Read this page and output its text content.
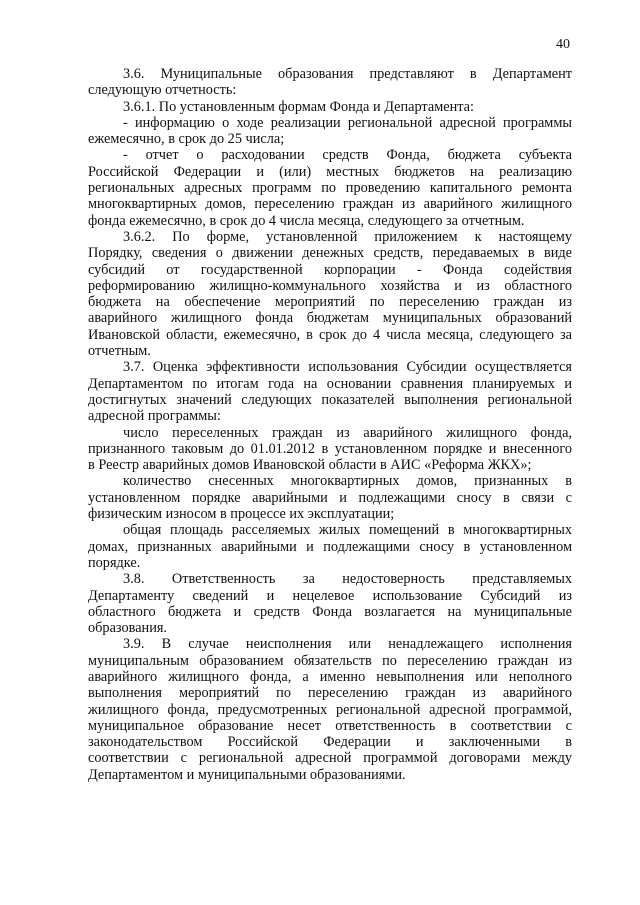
40
3.6. Муниципальные образования представляют в Департамент
следующую отчетность:
3.6.1. По установленным формам Фонда и Департамента:
- информацию о ходе реализации региональной адресной программы
ежемесячно, в срок до 25 числа;
- отчет о расходовании средств Фонда, бюджета субъекта
Российской Федерации и (или) местных бюджетов на реализацию
региональных адресных программ по проведению капитального ремонта
многоквартирных домов, переселению граждан из аварийного жилищного
фонда ежемесячно, в срок до 4 числа месяца, следующего за отчетным.
3.6.2. По форме, установленной приложением к настоящему
Порядку, сведения о движении денежных средств, передаваемых в виде
субсидий от государственной корпорации - Фонда содействия
реформированию жилищно-коммунального хозяйства и из областного
бюджета на обеспечение мероприятий по переселению граждан из
аварийного жилищного фонда бюджетам муниципальных образований
Ивановской области, ежемесячно, в срок до 4 числа месяца, следующего за
отчетным.
3.7. Оценка эффективности использования Субсидии осуществляется
Департаментом по итогам года на основании сравнения планируемых и
достигнутых значений следующих показателей выполнения региональной
адресной программы:
число переселенных граждан из аварийного жилищного фонда,
признанного таковым до 01.01.2012 в установленном порядке и внесенного
в Реестр аварийных домов Ивановской области в АИС «Реформа ЖКХ»;
количество снесенных многоквартирных домов, признанных в
установленном порядке аварийными и подлежащими сносу в связи с
физическим износом в процессе их эксплуатации;
общая площадь расселяемых жилых помещений в многоквартирных
домах, признанных аварийными и подлежащими сносу в установленном
порядке.
3.8. Ответственность за недостоверность представляемых
Департаменту сведений и нецелевое использование Субсидий из
областного бюджета и средств Фонда возлагается на муниципальные
образования.
3.9. В случае неисполнения или ненадлежащего исполнения
муниципальным образованием обязательств по переселению граждан из
аварийного жилищного фонда, а именно невыполнения или неполного
выполнения мероприятий по переселению граждан из аварийного
жилищного фонда, предусмотренных региональной адресной программой,
муниципальное образование несет ответственность в соответствии с
законодательством Российской Федерации и заключенными в
соответствии с региональной адресной программой договорами между
Департаментом и муниципальными образованиями.
